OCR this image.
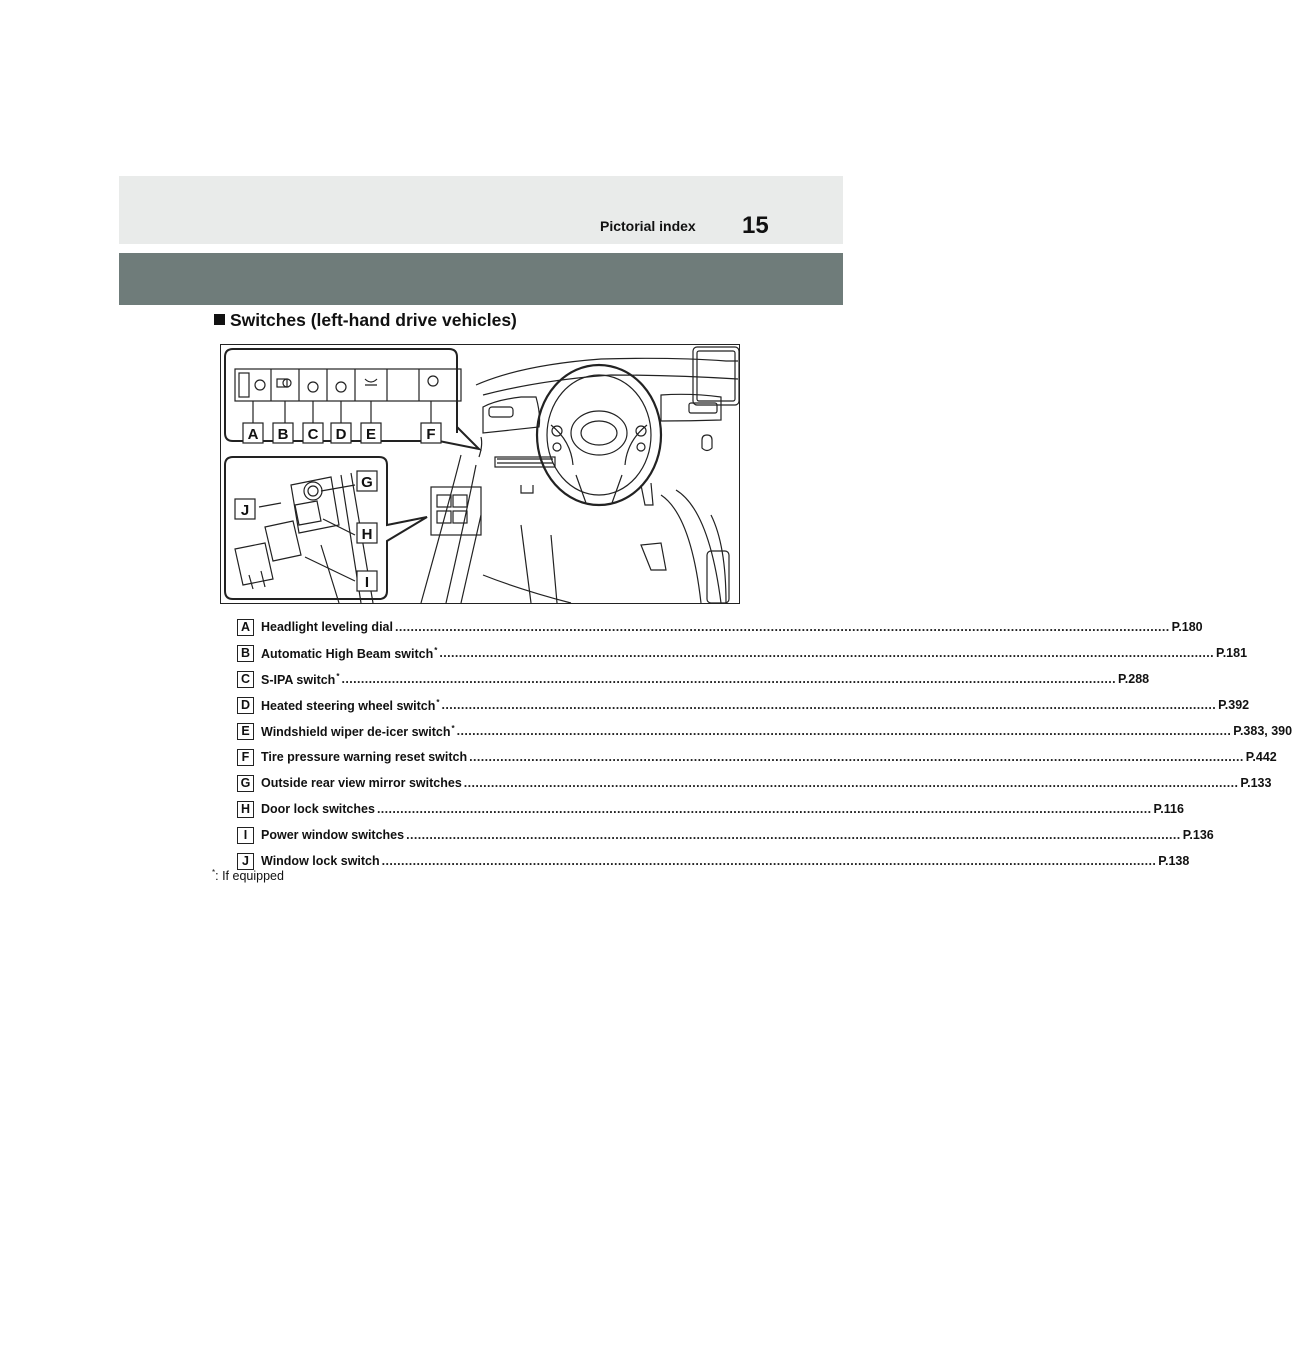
Pictorial index 15
Switches (left-hand drive vehicles)
A B C D E	F
G
H
I
J
A Headlight leveling dial ........................................................................................................................................................................................................ P.180
B Automatic High Beam switch* ........................................................................................................................................................................................................ P.181
C S-IPA switch* ........................................................................................................................................................................................................ P.288
D Heated steering wheel switch* ........................................................................................................................................................................................................ P.392
E Windshield wiper de-icer switch* ........................................................................................................................................................................................................ P.383, 390
F Tire pressure warning reset switch ........................................................................................................................................................................................................ P.442
G Outside rear view mirror switches ........................................................................................................................................................................................................ P.133
H Door lock switches ........................................................................................................................................................................................................ P.116
I	Power window switches ........................................................................................................................................................................................................ P.136
J Window lock switch ........................................................................................................................................................................................................ P.138
*: If equipped
